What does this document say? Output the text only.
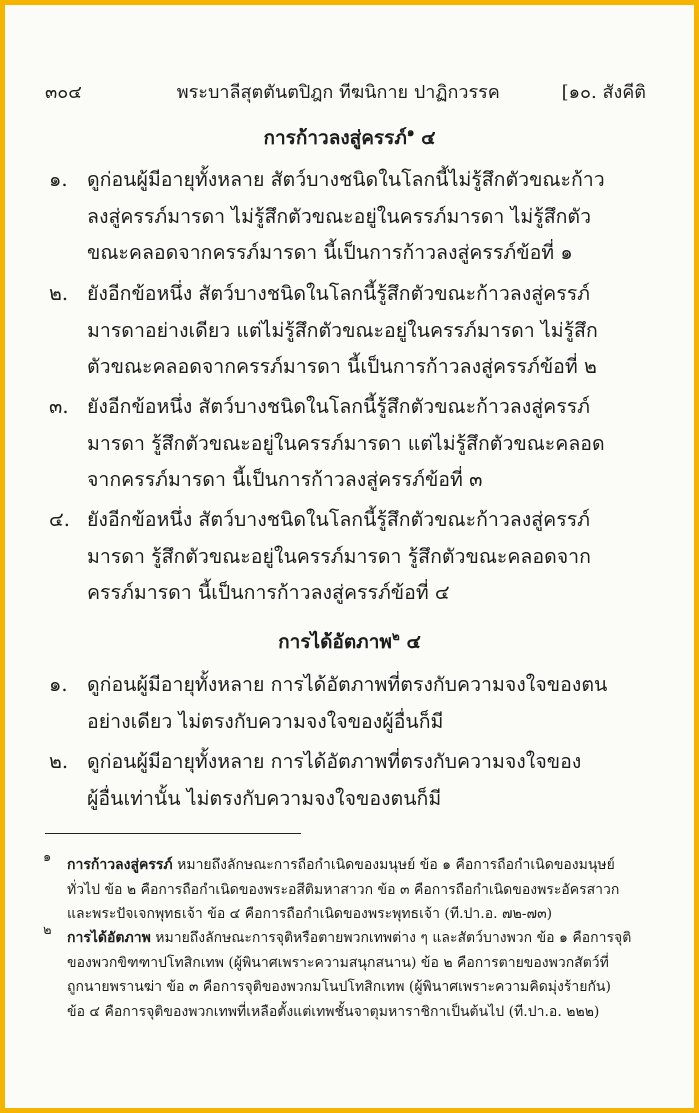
๓๐๔	พระบาลีสุตตันตปิฎก ทีฆนิกาย ปาฏิกวรรค	[๑๐. สังคีติ
การก้าวลงสู่ครรภ์$^๑$ ๔
๑. ดูก่อนผู้มีอายุทั้งหลาย สัตว์บางชนิดในโลกนี้ไม่รู้สึกตัวขณะก้าว
ลงสู่ครรภ์มารดา ไม่รู้สึกตัวขณะอยู่ในครรภ์มารดา ไม่รู้สึกตัว
ขณะคลอดจากครรภ์มารดา นี้เป็นการก้าวลงสู่ครรภ์ข้อที่ ๑
๒. ยังอีกข้อหนึ่ง สัตว์บางชนิดในโลกนี้รู้สึกตัวขณะก้าวลงสู่ครรภ์
มารดาอย่างเดียว แต่ไม่รู้สึกตัวขณะอยู่ในครรภ์มารดา ไม่รู้สึก
ตัวขณะคลอดจากครรภ์มารดา นี้เป็นการก้าวลงสู่ครรภ์ข้อที่ ๒
๓. ยังอีกข้อหนึ่ง สัตว์บางชนิดในโลกนี้รู้สึกตัวขณะก้าวลงสู่ครรภ์
มารดา รู้สึกตัวขณะอยู่ในครรภ์มารดา แต่ไม่รู้สึกตัวขณะคลอด
จากครรภ์มารดา นี้เป็นการก้าวลงสู่ครรภ์ข้อที่ ๓
๔. ยังอีกข้อหนึ่ง สัตว์บางชนิดในโลกนี้รู้สึกตัวขณะก้าวลงสู่ครรภ์
มารดา รู้สึกตัวขณะอยู่ในครรภ์มารดา รู้สึกตัวขณะคลอดจาก
ครรภ์มารดา นี้เป็นการก้าวลงสู่ครรภ์ข้อที่ ๔
การได้อัตภาพ$^๒$ ๔
๑. ดูก่อนผู้มีอายุทั้งหลาย การได้อัตภาพที่ตรงกับความจงใจของตน
อย่างเดียว ไม่ตรงกับความจงใจของผู้อื่นก็มี
๒. ดูก่อนผู้มีอายุทั้งหลาย การได้อัตภาพที่ตรงกับความจงใจของ
ผู้อื่นเท่านั้น ไม่ตรงกับความจงใจของตนก็มี
๑ การก้าวลงสู่ครรภ์ หมายถึงลักษณะการถือกำเนิดของมนุษย์ ข้อ ๑ คือการถือกำเนิดของมนุษย์
ทั่วไป ข้อ ๒ คือการถือกำเนิดของพระอสีติมหาสาวก ข้อ ๓ คือการถือกำเนิดของพระอัครสาวก
และพระปัจเจกพุทธเจ้า ข้อ ๔ คือการถือกำเนิดของพระพุทธเจ้า (ที.ปา.อ. ๗๒-๗๓)
๒ การได้อัตภาพ หมายถึงลักษณะการจุติหรือตายพวกเทพต่าง ๆ และสัตว์บางพวก ข้อ ๑ คือการจุติ
ของพวกขิฑฑาปโทสิกเทพ (ผู้พินาศเพราะความสนุกสนาน) ข้อ ๒ คือการตายของพวกสัตว์ที่
ถูกนายพรานฆ่า ข้อ ๓ คือการจุติของพวกมโนปโทสิกเทพ (ผู้พินาศเพราะความคิดมุ่งร้ายกัน)
ข้อ ๔ คือการจุติของพวกเทพที่เหลือตั้งแต่เทพชั้นจาตุมหาราชิกาเป็นต้นไป (ที.ปา.อ. ๒๒๒)
